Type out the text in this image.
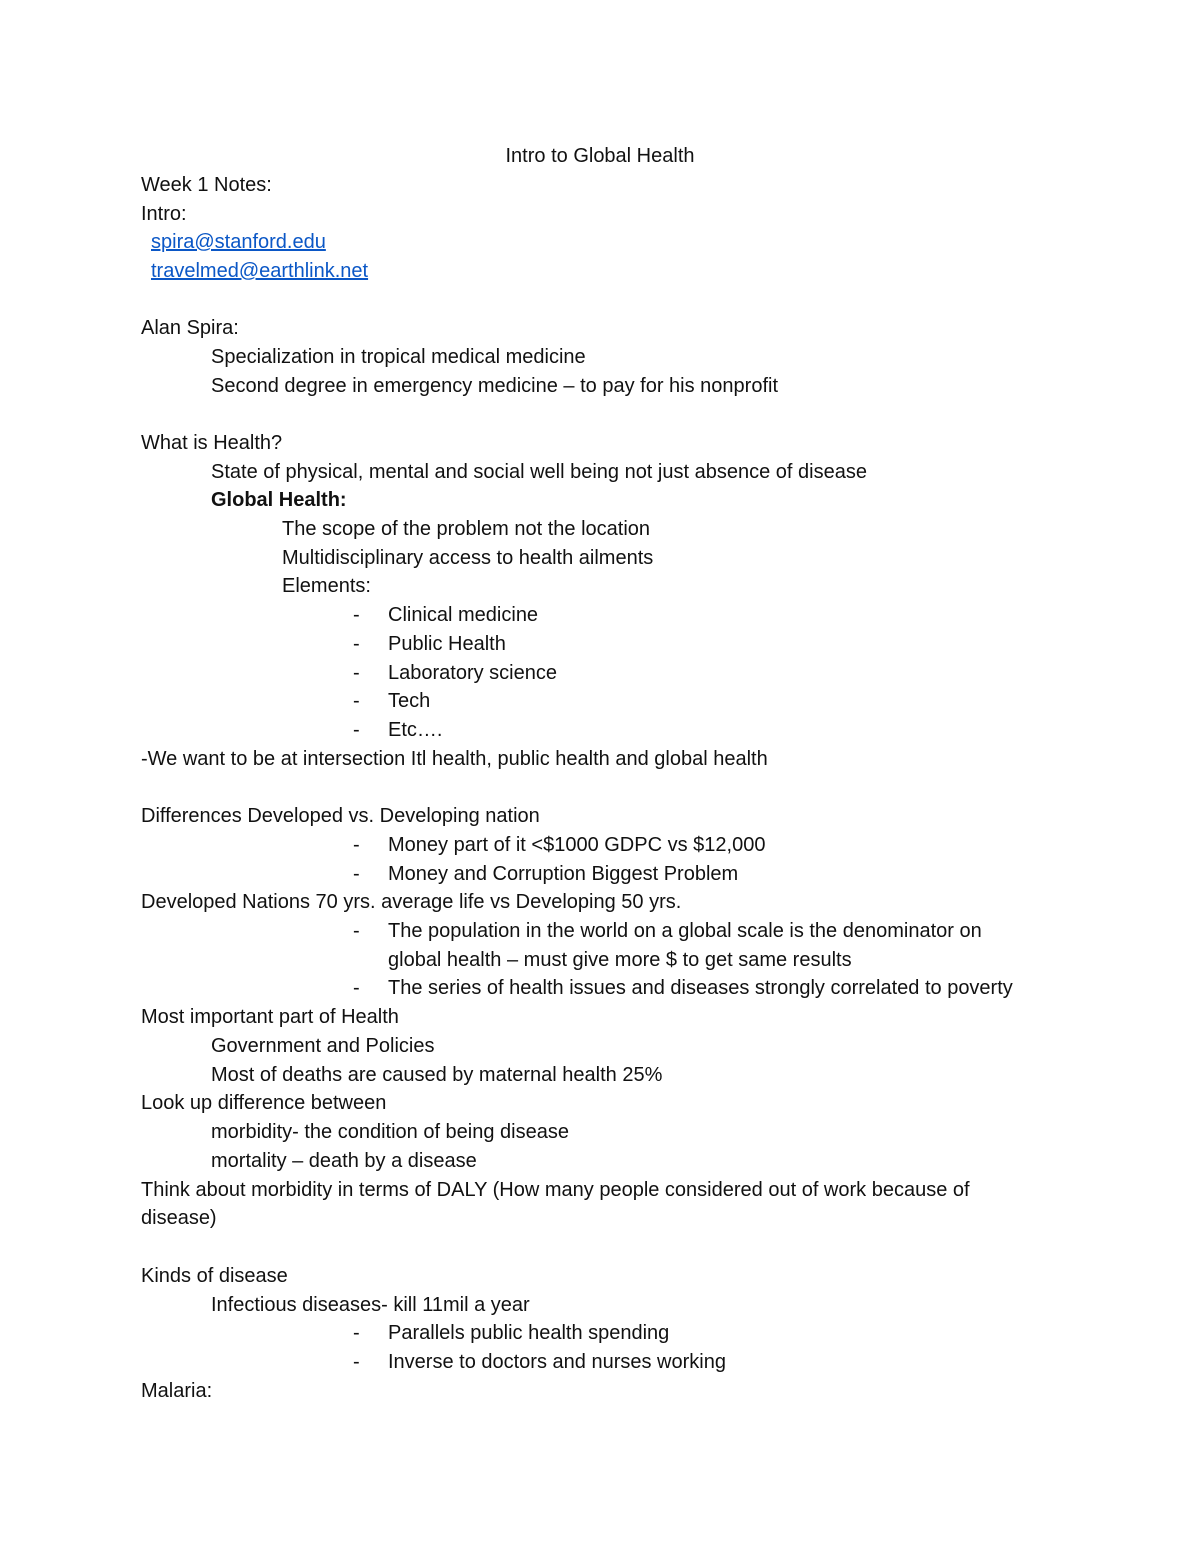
Intro to Global Health
Week 1 Notes:
Intro:
spira@stanford.edu
travelmed@earthlink.net
Alan Spira:
Specialization in tropical medical medicine
Second degree in emergency medicine – to pay for his nonprofit
What is Health?
State of physical, mental and social well being not just absence of disease
Global Health:
The scope of the problem not the location
Multidisciplinary access to health ailments
Elements:
- Clinical medicine
- Public Health
- Laboratory science
- Tech
- Etc….
-We want to be at intersection Itl health, public health and global health
Differences Developed vs. Developing nation
- Money part of it <$1000 GDPC vs $12,000
- Money and Corruption Biggest Problem
Developed Nations 70 yrs. average life vs Developing 50 yrs.
- The population in the world on a global scale is the denominator on
global health – must give more $ to get same results
- The series of health issues and diseases strongly correlated to poverty
Most important part of Health
Government and Policies
Most of deaths are caused by maternal health 25%
Look up difference between
morbidity- the condition of being disease
mortality – death by a disease
Think about morbidity in terms of DALY (How many people considered out of work because of
disease)
Kinds of disease
Infectious diseases- kill 11mil a year
- Parallels public health spending
- Inverse to doctors and nurses working
Malaria:
